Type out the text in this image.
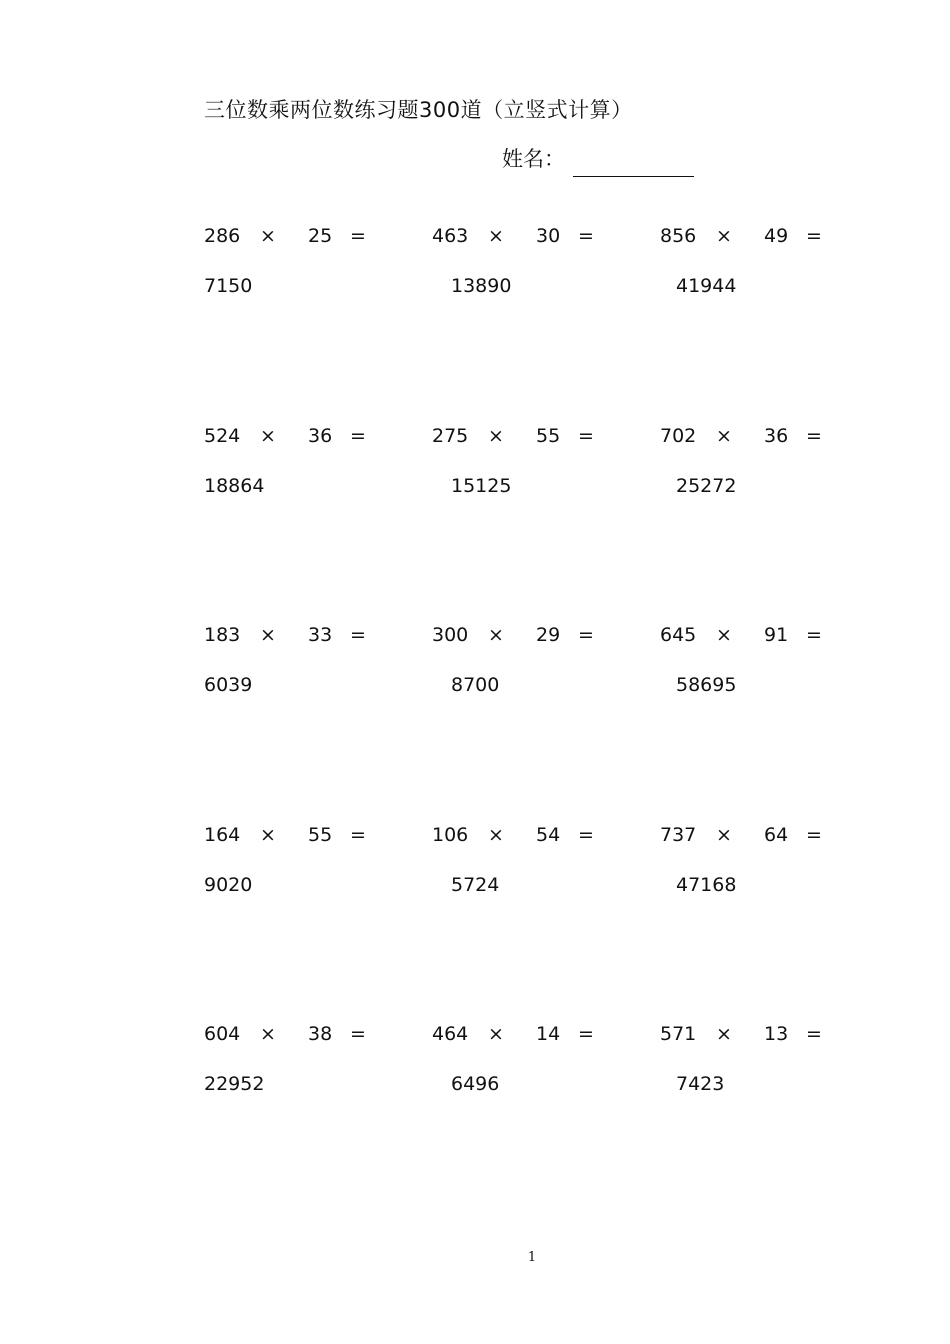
三位数乘两位数练习题300道（立竖式计算）
姓名：
286 × 25 =
7150
463 × 30 =
13890
856 × 49 =
41944
524 × 36 =
18864
275 × 55 =
15125
702 × 36 =
25272
183 × 33 =
6039
300 × 29 =
8700
645 × 91 =
58695
164 × 55 =
9020
106 × 54 =
5724
737 × 64 =
47168
604 × 38 =
22952
464 × 14 =
6496
571 × 13 =
7423
1
